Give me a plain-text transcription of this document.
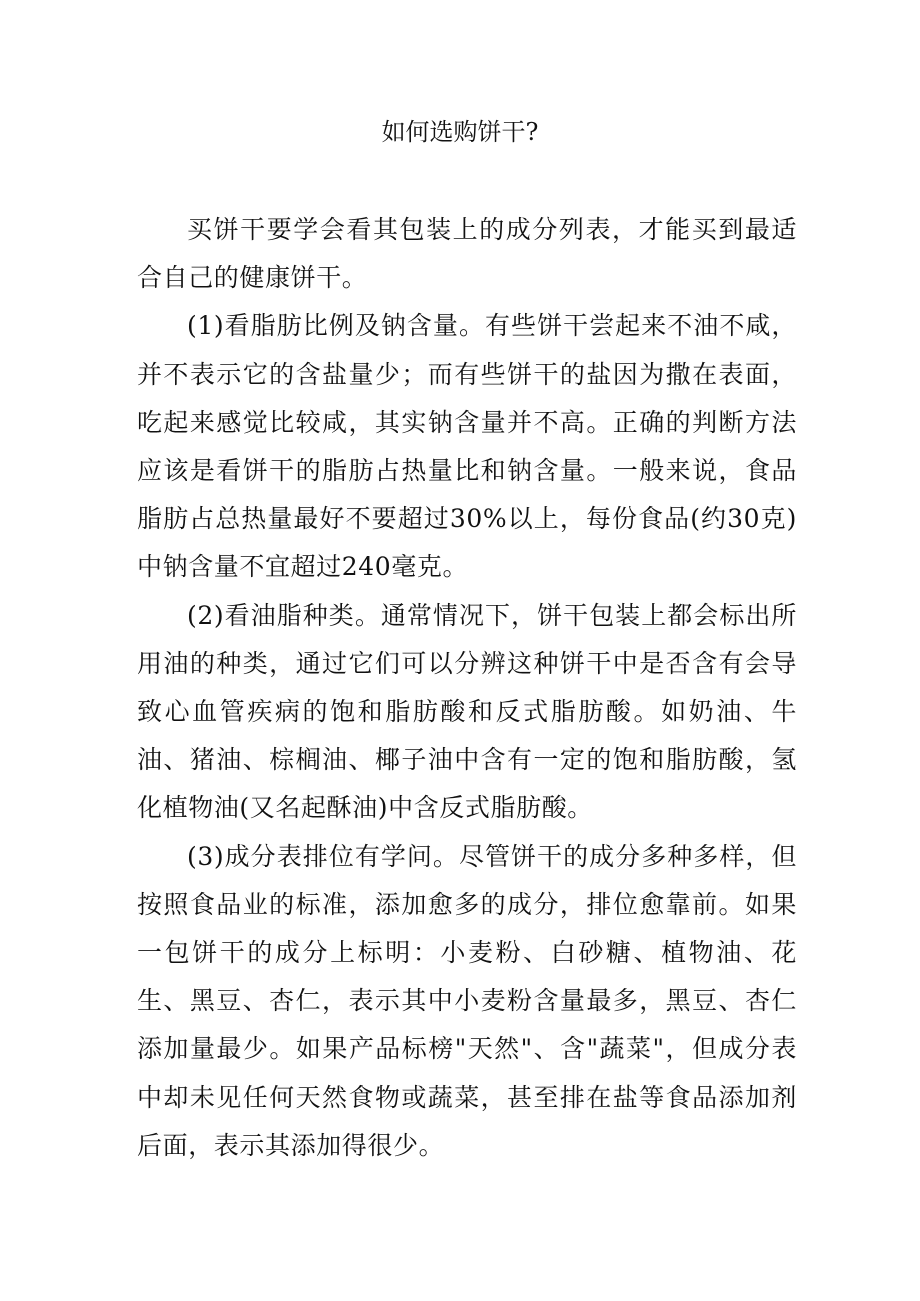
如何选购饼干?

买饼干要学会看其包装上的成分列表，才能买到最适合自己的健康饼干。

(1)看脂肪比例及钠含量。有些饼干尝起来不油不咸，并不表示它的含盐量少；而有些饼干的盐因为撒在表面，吃起来感觉比较咸，其实钠含量并不高。正确的判断方法应该是看饼干的脂肪占热量比和钠含量。一般来说，食品脂肪占总热量最好不要超过30%以上，每份食品(约30克)中钠含量不宜超过240毫克。

(2)看油脂种类。通常情况下，饼干包装上都会标出所用油的种类，通过它们可以分辨这种饼干中是否含有会导致心血管疾病的饱和脂肪酸和反式脂肪酸。如奶油、牛油、猪油、棕榈油、椰子油中含有一定的饱和脂肪酸，氢化植物油(又名起酥油)中含反式脂肪酸。

(3)成分表排位有学问。尽管饼干的成分多种多样，但按照食品业的标准，添加愈多的成分，排位愈靠前。如果一包饼干的成分上标明：小麦粉、白砂糖、植物油、花生、黑豆、杏仁，表示其中小麦粉含量最多，黑豆、杏仁添加量最少。如果产品标榜"天然"、含"蔬菜"，但成分表中却未见任何天然食物或蔬菜，甚至排在盐等食品添加剂后面，表示其添加得很少。
